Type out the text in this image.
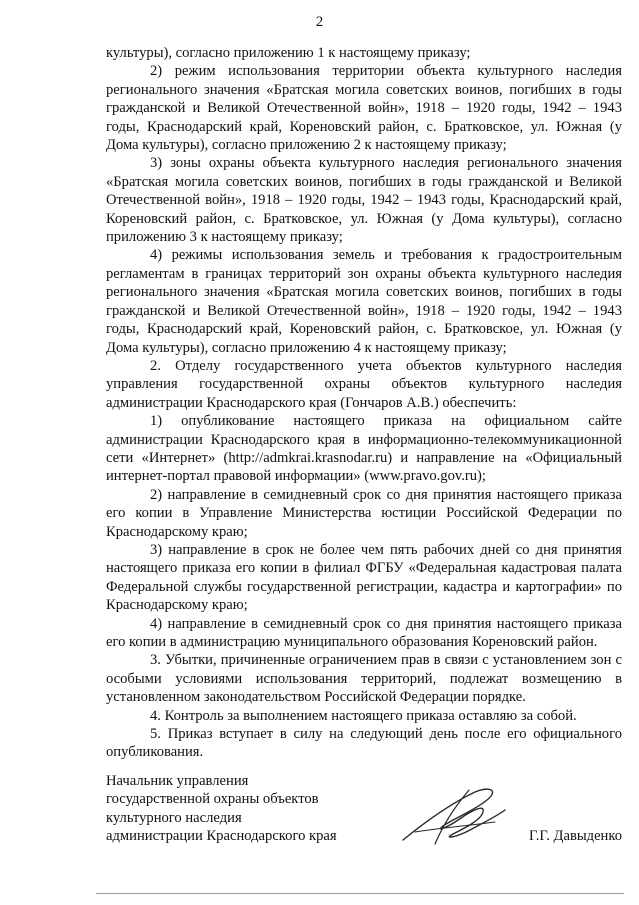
2

культуры), согласно приложению 1 к настоящему приказу;

2) режим использования территории объекта культурного наследия регионального значения «Братская могила советских воинов, погибших в годы гражданской и Великой Отечественной войн», 1918 – 1920 годы, 1942 – 1943 годы, Краснодарский край, Кореновский район, с. Братковское, ул. Южная (у Дома культуры), согласно приложению 2 к настоящему приказу;

3) зоны охраны объекта культурного наследия регионального значения «Братская могила советских воинов, погибших в годы гражданской и Великой Отечественной войн», 1918 – 1920 годы, 1942 – 1943 годы, Краснодарский край, Кореновский район, с. Братковское, ул. Южная (у Дома культуры), согласно приложению 3 к настоящему приказу;

4) режимы использования земель и требования к градостроительным регламентам в границах территорий зон охраны объекта культурного наследия регионального значения «Братская могила советских воинов, погибших в годы гражданской и Великой Отечественной войн», 1918 – 1920 годы, 1942 – 1943 годы, Краснодарский край, Кореновский район, с. Братковское, ул. Южная (у Дома культуры), согласно приложению 4 к настоящему приказу;

2. Отделу государственного учета объектов культурного наследия управления государственной охраны объектов культурного наследия администрации Краснодарского края (Гончаров А.В.) обеспечить:

1) опубликование настоящего приказа на официальном сайте администрации Краснодарского края в информационно-телекоммуникационной сети «Интернет» (http://admkrai.krasnodar.ru) и направление на «Официальный интернет-портал правовой информации» (www.pravo.gov.ru);

2) направление в семидневный срок со дня принятия настоящего приказа его копии в Управление Министерства юстиции Российской Федерации по Краснодарскому краю;

3) направление в срок не более чем пять рабочих дней со дня принятия настоящего приказа его копии в филиал ФГБУ «Федеральная кадастровая палата Федеральной службы государственной регистрации, кадастра и картографии» по Краснодарскому краю;

4) направление в семидневный срок со дня принятия настоящего приказа его копии в администрацию муниципального образования Кореновский район.

3. Убытки, причиненные ограничением прав в связи с установлением зон с особыми условиями использования территорий, подлежат возмещению в установленном законодательством Российской Федерации порядке.

4. Контроль за выполнением настоящего приказа оставляю за собой.

5. Приказ вступает в силу на следующий день после его официального опубликования.

Начальник управления
государственной охраны объектов
культурного наследия
администрации Краснодарского края	Г.Г. Давыденко
